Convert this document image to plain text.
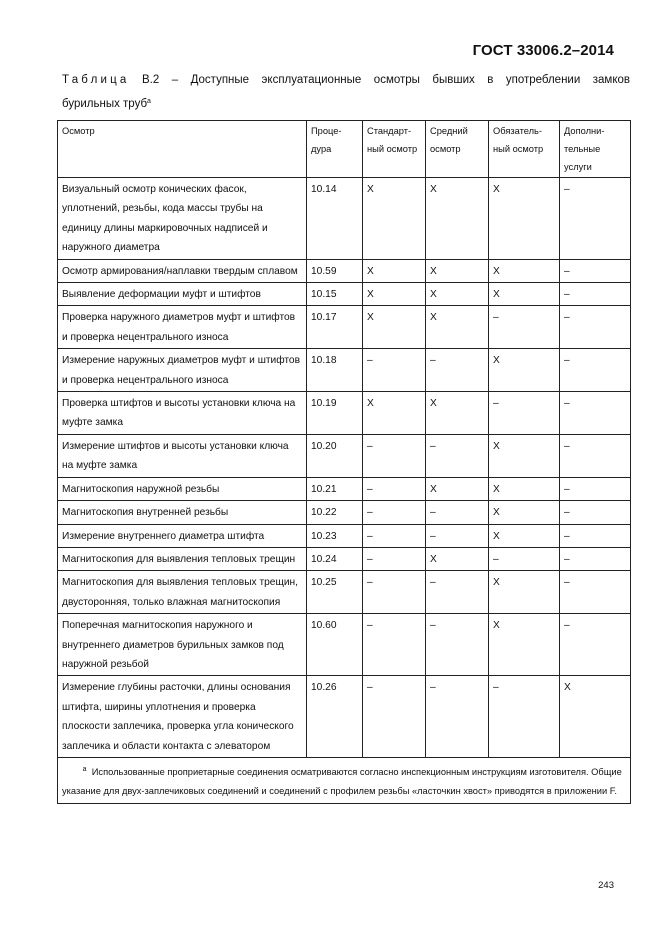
ГОСТ 33006.2–2014
Таблица В.2 – Доступные эксплуатационные осмотры бывших в употреблении замков
бурильных труб$^а$
Осмотр	Проце-дура	Стандарт-ный осмотр	Средний осмотр	Обязатель-ный осмотр	Дополни-тельные услуги
Визуальный осмотр конических фасок, уплотнений, резьбы, кода массы трубы на единицу длины маркировочных надписей и наружного диаметра	10.14	Х	Х	Х	–
Осмотр армирования/наплавки твердым сплавом	10.59	Х	Х	Х	–
Выявление деформации муфт и штифтов	10.15	Х	Х	Х	–
Проверка наружного диаметров муфт и штифтов и проверка нецентрального износа	10.17	Х	Х	–	–
Измерение наружных диаметров муфт и штифтов и проверка нецентрального износа	10.18	–	–	Х	–
Проверка штифтов и высоты установки ключа на муфте замка	10.19	Х	Х	–	–
Измерение штифтов и высоты установки ключа на муфте замка	10.20	–	–	Х	–
Магнитоскопия наружной резьбы	10.21	–	Х	Х	–
Магнитоскопия внутренней резьбы	10.22	–	–	Х	–
Измерение внутреннего диаметра штифта	10.23	–	–	Х	–
Магнитоскопия для выявления тепловых трещин	10.24	–	Х	–	–
Магнитоскопия для выявления тепловых трещин, двусторонняя, только влажная магнитоскопия	10.25	–	–	Х	–
Поперечная магнитоскопия наружного и внутреннего диаметров бурильных замков под наружной резьбой	10.60	–	–	Х	–
Измерение глубины расточки, длины основания штифта, ширины уплотнения и проверка плоскости заплечика, проверка угла конического заплечика и области контакта с элеватором	10.26	–	–	–	Х
$^а$ Использованные проприетарные соединения осматриваются согласно инспекционным инструкциям изготовителя. Общие указание для двух-заплечиковых соединений и соединений с профилем резьбы «ласточкин хвост» приводятся в приложении F.					
243
